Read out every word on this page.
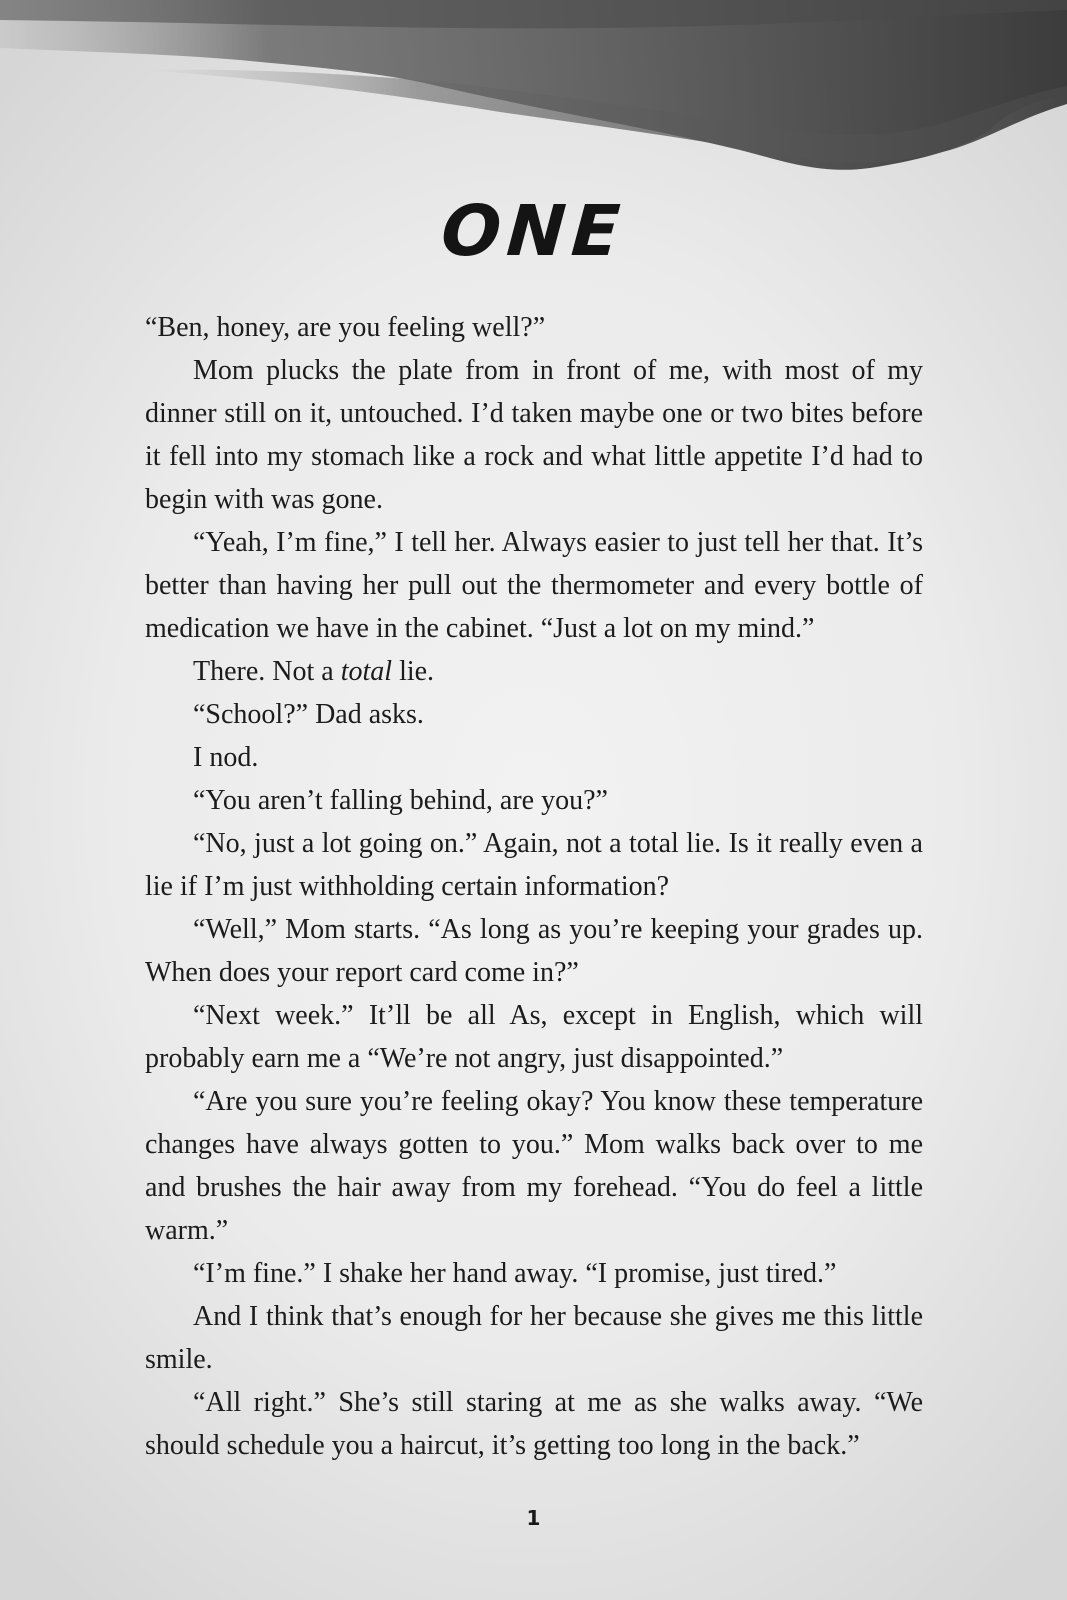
ONE

“Ben, honey, are you feeling well?”

Mom plucks the plate from in front of me, with most of my dinner still on it, untouched. I’d taken maybe one or two bites before it fell into my stomach like a rock and what little appetite I’d had to begin with was gone.

“Yeah, I’m fine,” I tell her. Always easier to just tell her that. It’s better than having her pull out the thermometer and every bottle of medication we have in the cabinet. “Just a lot on my mind.”

There. Not a total lie.

“School?” Dad asks.

I nod.

“You aren’t falling behind, are you?”

“No, just a lot going on.” Again, not a total lie. Is it really even a lie if I’m just withholding certain information?

“Well,” Mom starts. “As long as you’re keeping your grades up. When does your report card come in?”

“Next week.” It’ll be all As, except in English, which will probably earn me a “We’re not angry, just disappointed.”

“Are you sure you’re feeling okay? You know these temperature changes have always gotten to you.” Mom walks back over to me and brushes the hair away from my forehead. “You do feel a little warm.”

“I’m fine.” I shake her hand away. “I promise, just tired.”

And I think that’s enough for her because she gives me this little smile.

“All right.” She’s still staring at me as she walks away. “We should schedule you a haircut, it’s getting too long in the back.”

1
